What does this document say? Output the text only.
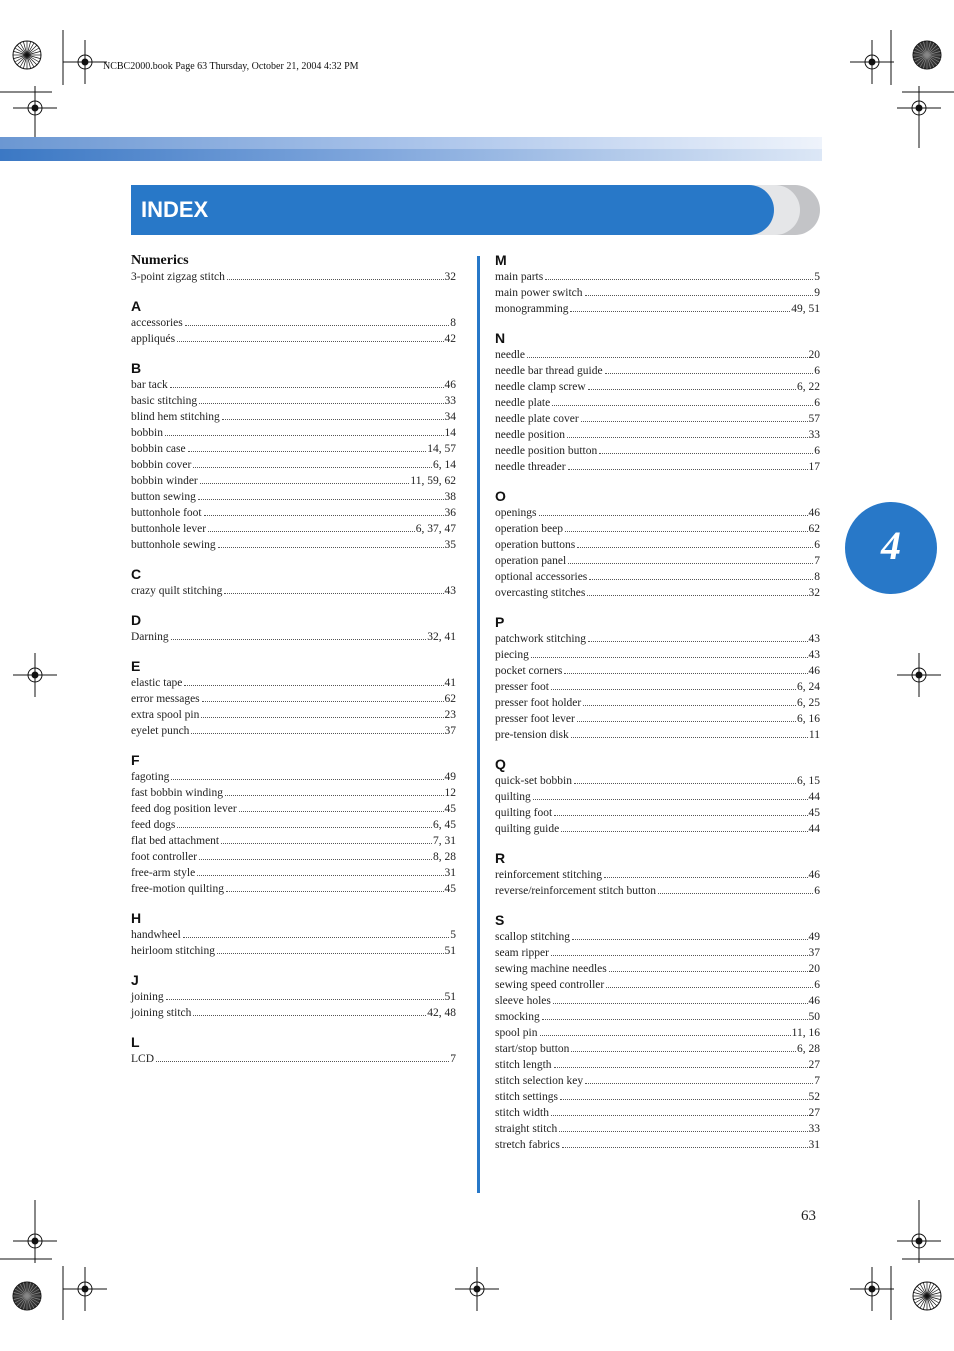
NCBC2000.book Page 63 Thursday, October 21, 2004 4:32 PM
INDEX
Numerics
3-point zigzag stitch	32
A
accessories	8
appliqués	42
B
bar tack	46
basic stitching	33
blind hem stitching	34
bobbin	14
bobbin case	14, 57
bobbin cover	6, 14
bobbin winder	11, 59, 62
button sewing	38
buttonhole foot	36
buttonhole lever	6, 37, 47
buttonhole sewing	35
C
crazy quilt stitching	43
D
Darning	32, 41
E
elastic tape	41
error messages	62
extra spool pin	23
eyelet punch	37
F
fagoting	49
fast bobbin winding	12
feed dog position lever	45
feed dogs	6, 45
flat bed attachment	7, 31
foot controller	8, 28
free-arm style	31
free-motion quilting	45
H
handwheel	5
heirloom stitching	51
J
joining	51
joining stitch	42, 48
L
LCD	7
M
main parts	5
main power switch	9
monogramming	49, 51
N
needle	20
needle bar thread guide	6
needle clamp screw	6, 22
needle plate	6
needle plate cover	57
needle position	33
needle position button	6
needle threader	17
O
openings	46
operation beep	62
operation buttons	6
operation panel	7
optional accessories	8
overcasting stitches	32
P
patchwork stitching	43
piecing	43
pocket corners	46
presser foot	6, 24
presser foot holder	6, 25
presser foot lever	6, 16
pre-tension disk	11
Q
quick-set bobbin	6, 15
quilting	44
quilting foot	45
quilting guide	44
R
reinforcement stitching	46
reverse/reinforcement stitch button	6
S
scallop stitching	49
seam ripper	37
sewing machine needles	20
sewing speed controller	6
sleeve holes	46
smocking	50
spool pin	11, 16
start/stop button	6, 28
stitch length	27
stitch selection key	7
stitch settings	52
stitch width	27
straight stitch	33
stretch fabrics	31
4
63
